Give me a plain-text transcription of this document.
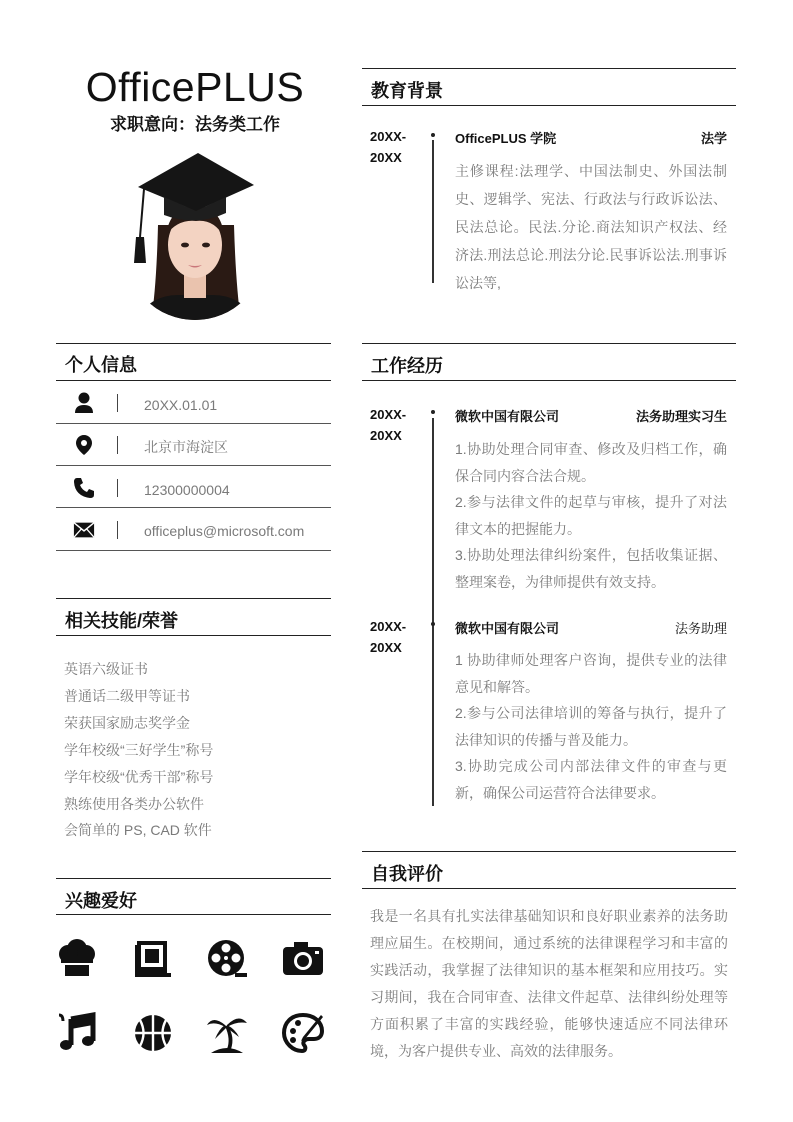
OfficePLUS
求职意向：法务类工作
个人信息
20XX.01.01
北京市海淀区
12300000004
officeplus@microsoft.com
相关技能/荣誉
英语六级证书
普通话二级甲等证书
荣获国家励志奖学金
学年校级“三好学生”称号
学年校级“优秀干部”称号
熟练使用各类办公软件
会简单的 PS, CAD 软件
兴趣爱好
教育背景
20XX-
20XX
OfficePLUS 学院	法学
主修课程:法理学、中国法制史、外国法制史、逻辑学、宪法、行政法与行政诉讼法、民法总论。民法.分论.商法知识产权法、经济法.刑法总论.刑法分论.民事诉讼法.刑事诉讼法等,
工作经历
20XX-
20XX
微软中国有限公司	法务助理实习生
1.协助处理合同审查、修改及归档工作，确保合同内容合法合规。
2.参与法律文件的起草与审核，提升了对法律文本的把握能力。
3.协助处理法律纠纷案件，包括收集证据、整理案卷，为律师提供有效支持。
20XX-
20XX
微软中国有限公司	法务助理
1 协助律师处理客户咨询，提供专业的法律意见和解答。
2.参与公司法律培训的筹备与执行，提升了法律知识的传播与普及能力。
3.协助完成公司内部法律文件的审查与更新，确保公司运营符合法律要求。
自我评价
我是一名具有扎实法律基础知识和良好职业素养的法务助理应届生。在校期间，通过系统的法律课程学习和丰富的实践活动，我掌握了法律知识的基本框架和应用技巧。实习期间，我在合同审查、法律文件起草、法律纠纷处理等方面积累了丰富的实践经验，能够快速适应不同法律环境，为客户提供专业、高效的法律服务。
